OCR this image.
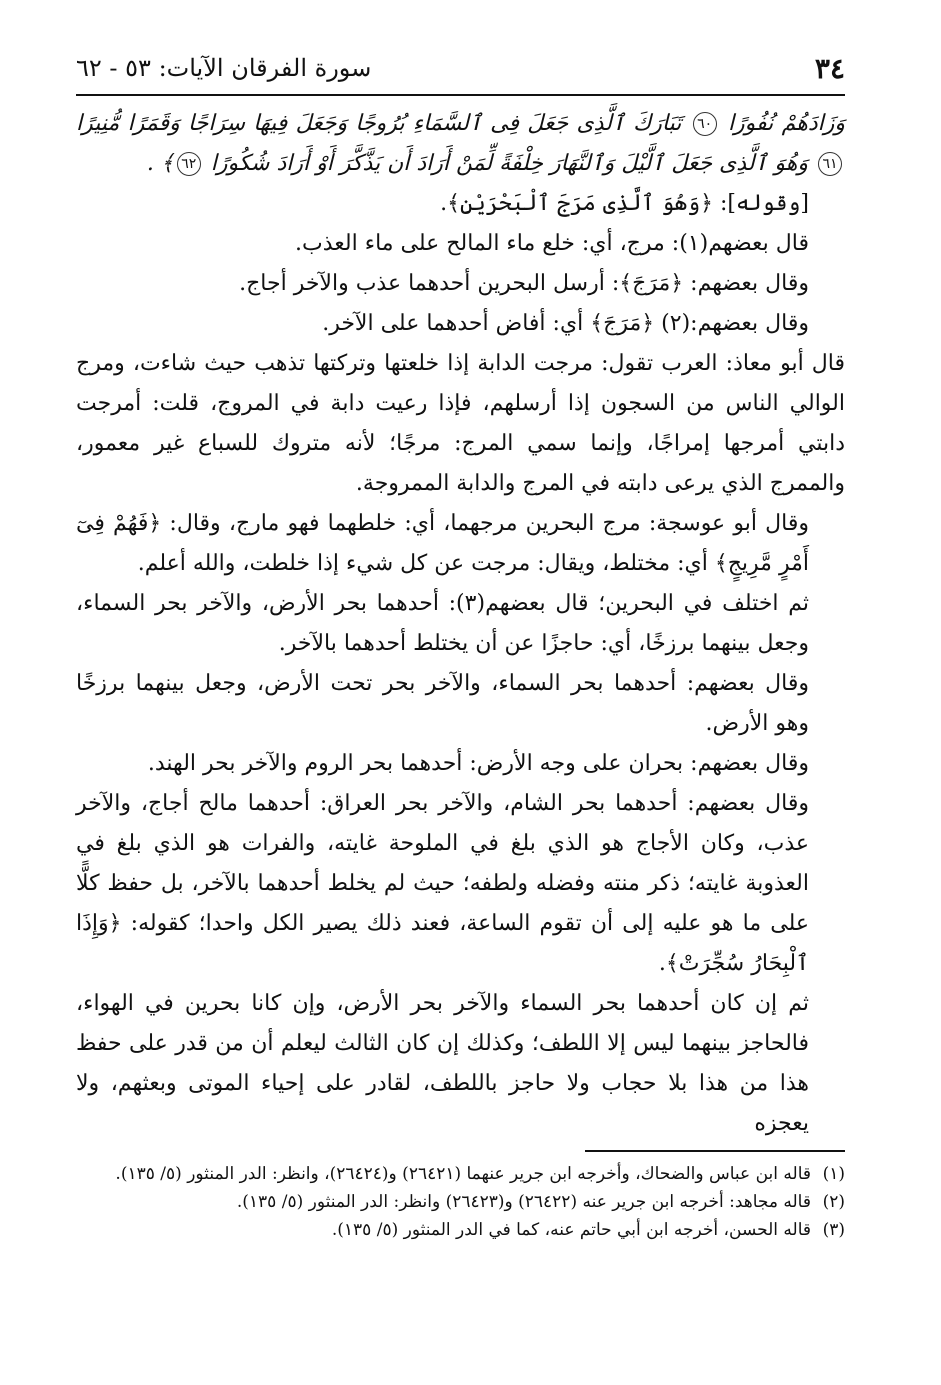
٣٤
سورة الفرقان الآيات: ٥٣ - ٦٢

وَزَادَهُمْ نُفُورًا ٦٠ تَبَارَكَ ٱلَّذِى جَعَلَ فِى ٱلسَّمَاءِ بُرُوجًا وَجَعَلَ فِيهَا سِرَاجًا وَقَمَرًا مُّنِيرًا ٦١ وَهُوَ ٱلَّذِى جَعَلَ ٱلَّيْلَ وَٱلنَّهَارَ خِلْفَةً لِّمَنْ أَرَادَ أَن يَذَّكَّرَ أَوْ أَرَادَ شُكُورًا ٦٢﴾ .

[وقوله]: ﴿وَهُوَ ٱلَّذِى مَرَجَ ٱلْبَحْرَيْنِ﴾.

قال بعضهم(١): مرج، أي: خلع ماء المالح على ماء العذب.

وقال بعضهم: ﴿مَرَجَ﴾: أرسل البحرين أحدهما عذب والآخر أجاج.

وقال بعضهم:(٢) ﴿مَرَجَ﴾ أي: أفاض أحدهما على الآخر.

قال أبو معاذ: العرب تقول: مرجت الدابة إذا خلعتها وتركتها تذهب حيث شاءت، ومرج الوالي الناس من السجون إذا أرسلهم، فإذا رعيت دابة في المروج، قلت: أمرجت دابتي أمرجها إمراجًا، وإنما سمي المرج: مرجًا؛ لأنه متروك للسباع غير معمور، والممرج الذي يرعى دابته في المرج والدابة الممروجة.

وقال أبو عوسجة: مرج البحرين مرجهما، أي: خلطهما فهو مارج، وقال: ﴿فَهُمْ فِىٓ أَمْرٍ مَّرِيجٍ﴾ أي: مختلط، ويقال: مرجت عن كل شيء إذا خلطت، والله أعلم.

ثم اختلف في البحرين؛ قال بعضهم(٣): أحدهما بحر الأرض، والآخر بحر السماء، وجعل بينهما برزخًا، أي: حاجزًا عن أن يختلط أحدهما بالآخر.

وقال بعضهم: أحدهما بحر السماء، والآخر بحر تحت الأرض، وجعل بينهما برزخًا وهو الأرض.

وقال بعضهم: بحران على وجه الأرض: أحدهما بحر الروم والآخر بحر الهند.

وقال بعضهم: أحدهما بحر الشام، والآخر بحر العراق: أحدهما مالح أجاج، والآخر عذب، وكان الأجاج هو الذي بلغ في الملوحة غايته، والفرات هو الذي بلغ في العذوبة غايته؛ ذكر منته وفضله ولطفه؛ حيث لم يخلط أحدهما بالآخر، بل حفظ كلًّا على ما هو عليه إلى أن تقوم الساعة، فعند ذلك يصير الكل واحدا؛ كقوله: ﴿وَإِذَا ٱلْبِحَارُ سُجِّرَتْ﴾.

ثم إن كان أحدهما بحر السماء والآخر بحر الأرض، وإن كانا بحرين في الهواء، فالحاجز بينهما ليس إلا اللطف؛ وكذلك إن كان الثالث ليعلم أن من قدر على حفظ هذا من هذا بلا حجاب ولا حاجز باللطف، لقادر على إحياء الموتى وبعثهم، ولا يعجزه

(١)
قاله ابن عباس والضحاك، وأخرجه ابن جرير عنهما (٢٦٤٢١) و(٢٦٤٢٤)، وانظر: الدر المنثور (٥/ ١٣٥).
(٢)
قاله مجاهد: أخرجه ابن جرير عنه (٢٦٤٢٢) و(٢٦٤٢٣) وانظر: الدر المنثور (٥/ ١٣٥).
(٣)
قاله الحسن، أخرجه ابن أبي حاتم عنه، كما في الدر المنثور (٥/ ١٣٥).
